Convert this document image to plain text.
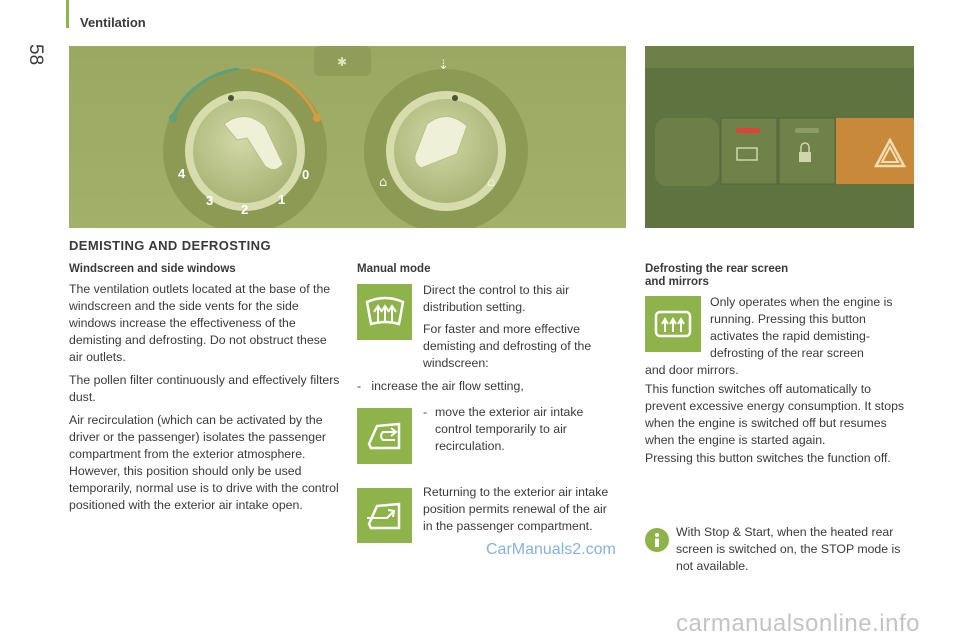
58
Ventilation
✱	⇣
⌂	⌂
4
3
2
1
0
DEMISTING AND DEFROSTING
Windscreen and side windows

The ventilation outlets located at the base of the windscreen and the side vents for the side windows increase the effectiveness of the demisting and defrosting. Do not obstruct these air outlets.

The pollen filter continuously and effectively filters dust.

Air recirculation (which can be activated by the driver or the passenger) isolates the passenger compartment from the exterior atmosphere. However, this position should only be used temporarily, normal use is to drive with the control positioned with the exterior air intake open.

Manual mode

Direct the control to this air distribution setting.

For faster and more effective demisting and defrosting of the windscreen:

-   increase the air flow setting,
- move the exterior air intake control temporarily to air recirculation.
Returning to the exterior air intake position permits renewal of the air in the passenger compartment.
Defrosting the rear screen
and mirrors
Only operates when the engine is running. Pressing this button activates the rapid demisting-defrosting of the rear screen
and door mirrors.
This function switches off automatically to prevent excessive energy consumption. It stops when the engine is switched off but resumes when the engine is started again.
Pressing this button switches the function off.
With Stop & Start, when the heated rear screen is switched on, the STOP mode is not available.
CarManuals2.com
carmanualsonline.info
